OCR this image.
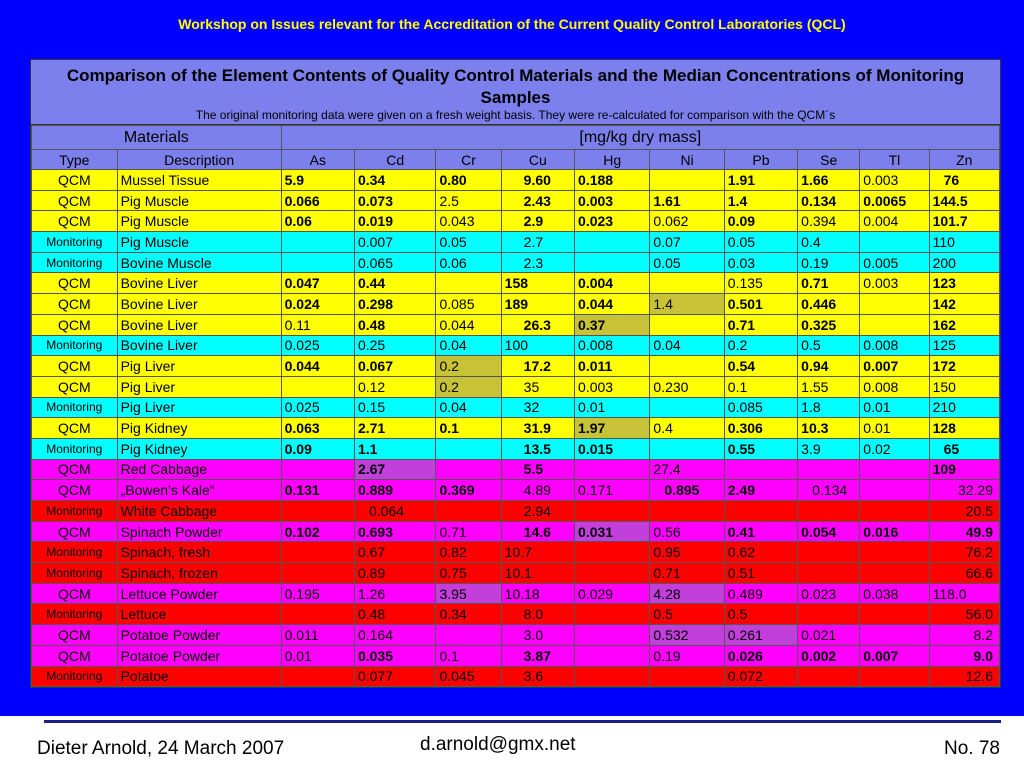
Workshop on Issues relevant for the Accreditation of the Current Quality Control Laboratories (QCL)
Comparison of the Element Contents of Quality Control Materials and the Median Concentrations of Monitoring Samples
The original monitoring data were given on a fresh weight basis. They were re-calculated for comparison with the QCM´s
Materials		[mg/kg dry mass]									
Type	Description	As	Cd	Cr	Cu	Hg	Ni	Pb	Se	Tl	Zn
QCM	Mussel Tissue	5.9	0.34	0.80	9.60	0.188		1.91	1.66	0.003	76
QCM	Pig Muscle	0.066	0.073	2.5	2.43	0.003	1.61	1.4	0.134	0.0065	144.5
QCM	Pig Muscle	0.06	0.019	0.043	2.9	0.023	0.062	0.09	0.394	0.004	101.7
Monitoring	Pig Muscle		0.007	0.05	2.7		0.07	0.05	0.4		110
Monitoring	Bovine Muscle		0.065	0.06	2.3		0.05	0.03	0.19	0.005	200
QCM	Bovine Liver	0.047	0.44		158	0.004		0.135	0.71	0.003	123
QCM	Bovine Liver	0.024	0.298	0.085	189	0.044	1.4	0.501	0.446		142
QCM	Bovine Liver	0.11	0.48	0.044	26.3	0.37		0.71	0.325		162
Monitoring	Bovine Liver	0.025	0.25	0.04	100	0.008	0.04	0.2	0.5	0.008	125
QCM	Pig Liver	0.044	0.067	0.2	17.2	0.011		0.54	0.94	0.007	172
QCM	Pig Liver		0.12	0.2	35	0.003	0.230	0.1	1.55	0.008	150
Monitoring	Pig Liver	0.025	0.15	0.04	32	0.01		0.085	1.8	0.01	210
QCM	Pig Kidney	0.063	2.71	0.1	31.9	1.97	0.4	0.306	10.3	0.01	128
Monitoring	Pig Kidney	0.09	1.1		13.5	0.015		0.55	3.9	0.02	65
QCM	Red Cabbage		2.67		5.5		27.4				109
QCM	„Bowen’s Kale“	0.131	0.889	0.369	4.89	0.171	0.895	2.49	0.134		32.29
Monitoring	White Cabbage		0.064		2.94						20.5
QCM	Spinach Powder	0.102	0.693	0.71	14.6	0.031	0.56	0.41	0.054	0.016	49.9
Monitoring	Spinach, fresh		0.67	0.82	10.7		0.95	0.62			76.2
Monitoring	Spinach, frozen		0.89	0.75	10.1		0.71	0.51			66.6
QCM	Lettuce Powder	0.195	1.26	3.95	10.18	0.029	4.28	0.489	0.023	0.038	118.0
Monitoring	Lettuce		0.48	0.34	8.0		0.5	0.5			56.0
QCM	Potatoe Powder	0.011	0.164		3.0		0.532	0.261	0.021		8.2
QCM	Potatoe Powder	0.01	0.035	0.1	3.87		0.19	0.026	0.002	0.007	9.0
Monitoring	Potatoe		0.077	0.045	3.6			0.072			12.6
Dieter Arnold, 24 March 2007	d.arnold@gmx.net	No. 78
